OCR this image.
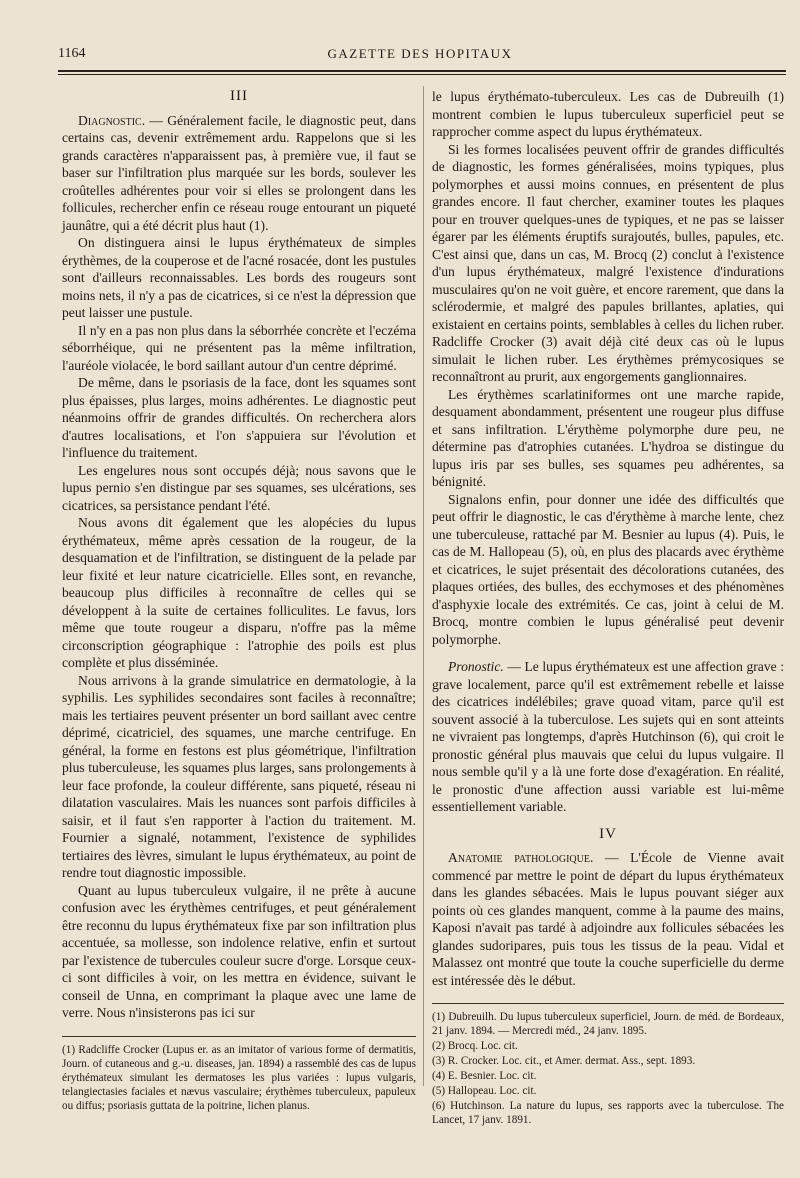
1164	GAZETTE DES HOPITAUX
III

Diagnostic. — Généralement facile, le diagnostic peut, dans certains cas, devenir extrêmement ardu. Rappelons que si les grands caractères n'apparaissent pas, à première vue, il faut se baser sur l'infiltration plus marquée sur les bords, soulever les croûtelles adhérentes pour voir si elles se prolongent dans les follicules, rechercher enfin ce réseau rouge entourant un piqueté jaunâtre, qui a été décrit plus haut (1).

On distinguera ainsi le lupus érythémateux de simples érythèmes, de la couperose et de l'acné rosacée, dont les pustules sont d'ailleurs reconnaissables. Les bords des rougeurs sont moins nets, il n'y a pas de cicatrices, si ce n'est la dépression que peut laisser une pustule.

Il n'y en a pas non plus dans la séborrhée concrète et l'eczéma séborrhéique, qui ne présentent pas la même infiltration, l'auréole violacée, le bord saillant autour d'un centre déprimé.

De même, dans le psoriasis de la face, dont les squames sont plus épaisses, plus larges, moins adhérentes. Le diagnostic peut néanmoins offrir de grandes difficultés. On recherchera alors d'autres localisations, et l'on s'appuiera sur l'évolution et l'influence du traitement.

Les engelures nous sont occupés déjà; nous savons que le lupus pernio s'en distingue par ses squames, ses ulcérations, ses cicatrices, sa persistance pendant l'été.

Nous avons dit également que les alopécies du lupus érythémateux, même après cessation de la rougeur, de la desquamation et de l'infiltration, se distinguent de la pelade par leur fixité et leur nature cicatricielle. Elles sont, en revanche, beaucoup plus difficiles à reconnaître de celles qui se développent à la suite de certaines folliculites. Le favus, lors même que toute rougeur a disparu, n'offre pas la même circonscription géographique : l'atrophie des poils est plus complète et plus disséminée.

Nous arrivons à la grande simulatrice en dermatologie, à la syphilis. Les syphilides secondaires sont faciles à reconnaître; mais les tertiaires peuvent présenter un bord saillant avec centre déprimé, cicatriciel, des squames, une marche centrifuge. En général, la forme en festons est plus géométrique, l'infiltration plus tuberculeuse, les squames plus larges, sans prolongements à leur face profonde, la couleur différente, sans piqueté, réseau ni dilatation vasculaires. Mais les nuances sont parfois difficiles à saisir, et il faut s'en rapporter à l'action du traitement. M. Fournier a signalé, notamment, l'existence de syphilides tertiaires des lèvres, simulant le lupus érythémateux, au point de rendre tout diagnostic impossible.

Quant au lupus tuberculeux vulgaire, il ne prête à aucune confusion avec les érythèmes centrifuges, et peut généralement être reconnu du lupus érythémateux fixe par son infiltration plus accentuée, sa mollesse, son indolence relative, enfin et surtout par l'existence de tubercules couleur sucre d'orge. Lorsque ceux-ci sont difficiles à voir, on les mettra en évidence, suivant le conseil de Unna, en comprimant la plaque avec une lame de verre. Nous n'insisterons pas ici sur

(1) Radcliffe Crocker (Lupus er. as an imitator of various forme of dermatitis, Journ. of cutaneous and g.-u. diseases, jan. 1894) a rassemblé des cas de lupus érythémateux simulant les dermatoses les plus variées : lupus vulgaris, telangiectasies faciales et nævus vasculaire; érythèmes tuberculeux, papuleux ou diffus; psoriasis guttata de la poitrine, lichen planus.

le lupus érythémato-tuberculeux. Les cas de Dubreuilh (1) montrent combien le lupus tuberculeux superficiel peut se rapprocher comme aspect du lupus érythémateux.

Si les formes localisées peuvent offrir de grandes difficultés de diagnostic, les formes généralisées, moins typiques, plus polymorphes et aussi moins connues, en présentent de plus grandes encore. Il faut chercher, examiner toutes les plaques pour en trouver quelques-unes de typiques, et ne pas se laisser égarer par les éléments éruptifs surajoutés, bulles, papules, etc. C'est ainsi que, dans un cas, M. Brocq (2) conclut à l'existence d'un lupus érythémateux, malgré l'existence d'indurations musculaires qu'on ne voit guère, et encore rarement, que dans la sclérodermie, et malgré des papules brillantes, aplaties, qui existaient en certains points, semblables à celles du lichen ruber. Radcliffe Crocker (3) avait déjà cité deux cas où le lupus simulait le lichen ruber. Les érythèmes prémycosiques se reconnaîtront au prurit, aux engorgements ganglionnaires.

Les érythèmes scarlatiniformes ont une marche rapide, desquament abondamment, présentent une rougeur plus diffuse et sans infiltration. L'érythème polymorphe dure peu, ne détermine pas d'atrophies cutanées. L'hydroa se distingue du lupus iris par ses bulles, ses squames peu adhérentes, sa bénignité.

Signalons enfin, pour donner une idée des difficultés que peut offrir le diagnostic, le cas d'érythème à marche lente, chez une tuberculeuse, rattaché par M. Besnier au lupus (4). Puis, le cas de M. Hallopeau (5), où, en plus des placards avec érythème et cicatrices, le sujet présentait des décolorations cutanées, des plaques ortiées, des bulles, des ecchymoses et des phénomènes d'asphyxie locale des extrémités. Ce cas, joint à celui de M. Brocq, montre combien le lupus généralisé peut devenir polymorphe.

Pronostic. — Le lupus érythémateux est une affection grave : grave localement, parce qu'il est extrêmement rebelle et laisse des cicatrices indélébiles; grave quoad vitam, parce qu'il est souvent associé à la tuberculose. Les sujets qui en sont atteints ne vivraient pas longtemps, d'après Hutchinson (6), qui croit le pronostic général plus mauvais que celui du lupus vulgaire. Il nous semble qu'il y a là une forte dose d'exagération. En réalité, le pronostic d'une affection aussi variable est lui-même essentiellement variable.

IV

Anatomie pathologique. — L'École de Vienne avait commencé par mettre le point de départ du lupus érythémateux dans les glandes sébacées. Mais le lupus pouvant siéger aux points où ces glandes manquent, comme à la paume des mains, Kaposi n'avait pas tardé à adjoindre aux follicules sébacées les glandes sudoripares, puis tous les tissus de la peau. Vidal et Malassez ont montré que toute la couche superficielle du derme est intéressée dès le début.

(1) Dubreuilh. Du lupus tuberculeux superficiel, Journ. de méd. de Bordeaux, 21 janv. 1894. — Mercredi méd., 24 janv. 1895.

(2) Brocq. Loc. cit.

(3) R. Crocker. Loc. cit., et Amer. dermat. Ass., sept. 1893.

(4) E. Besnier. Loc. cit.

(5) Hallopeau. Loc. cit.

(6) Hutchinson. La nature du lupus, ses rapports avec la tuberculose. The Lancet, 17 janv. 1891.
